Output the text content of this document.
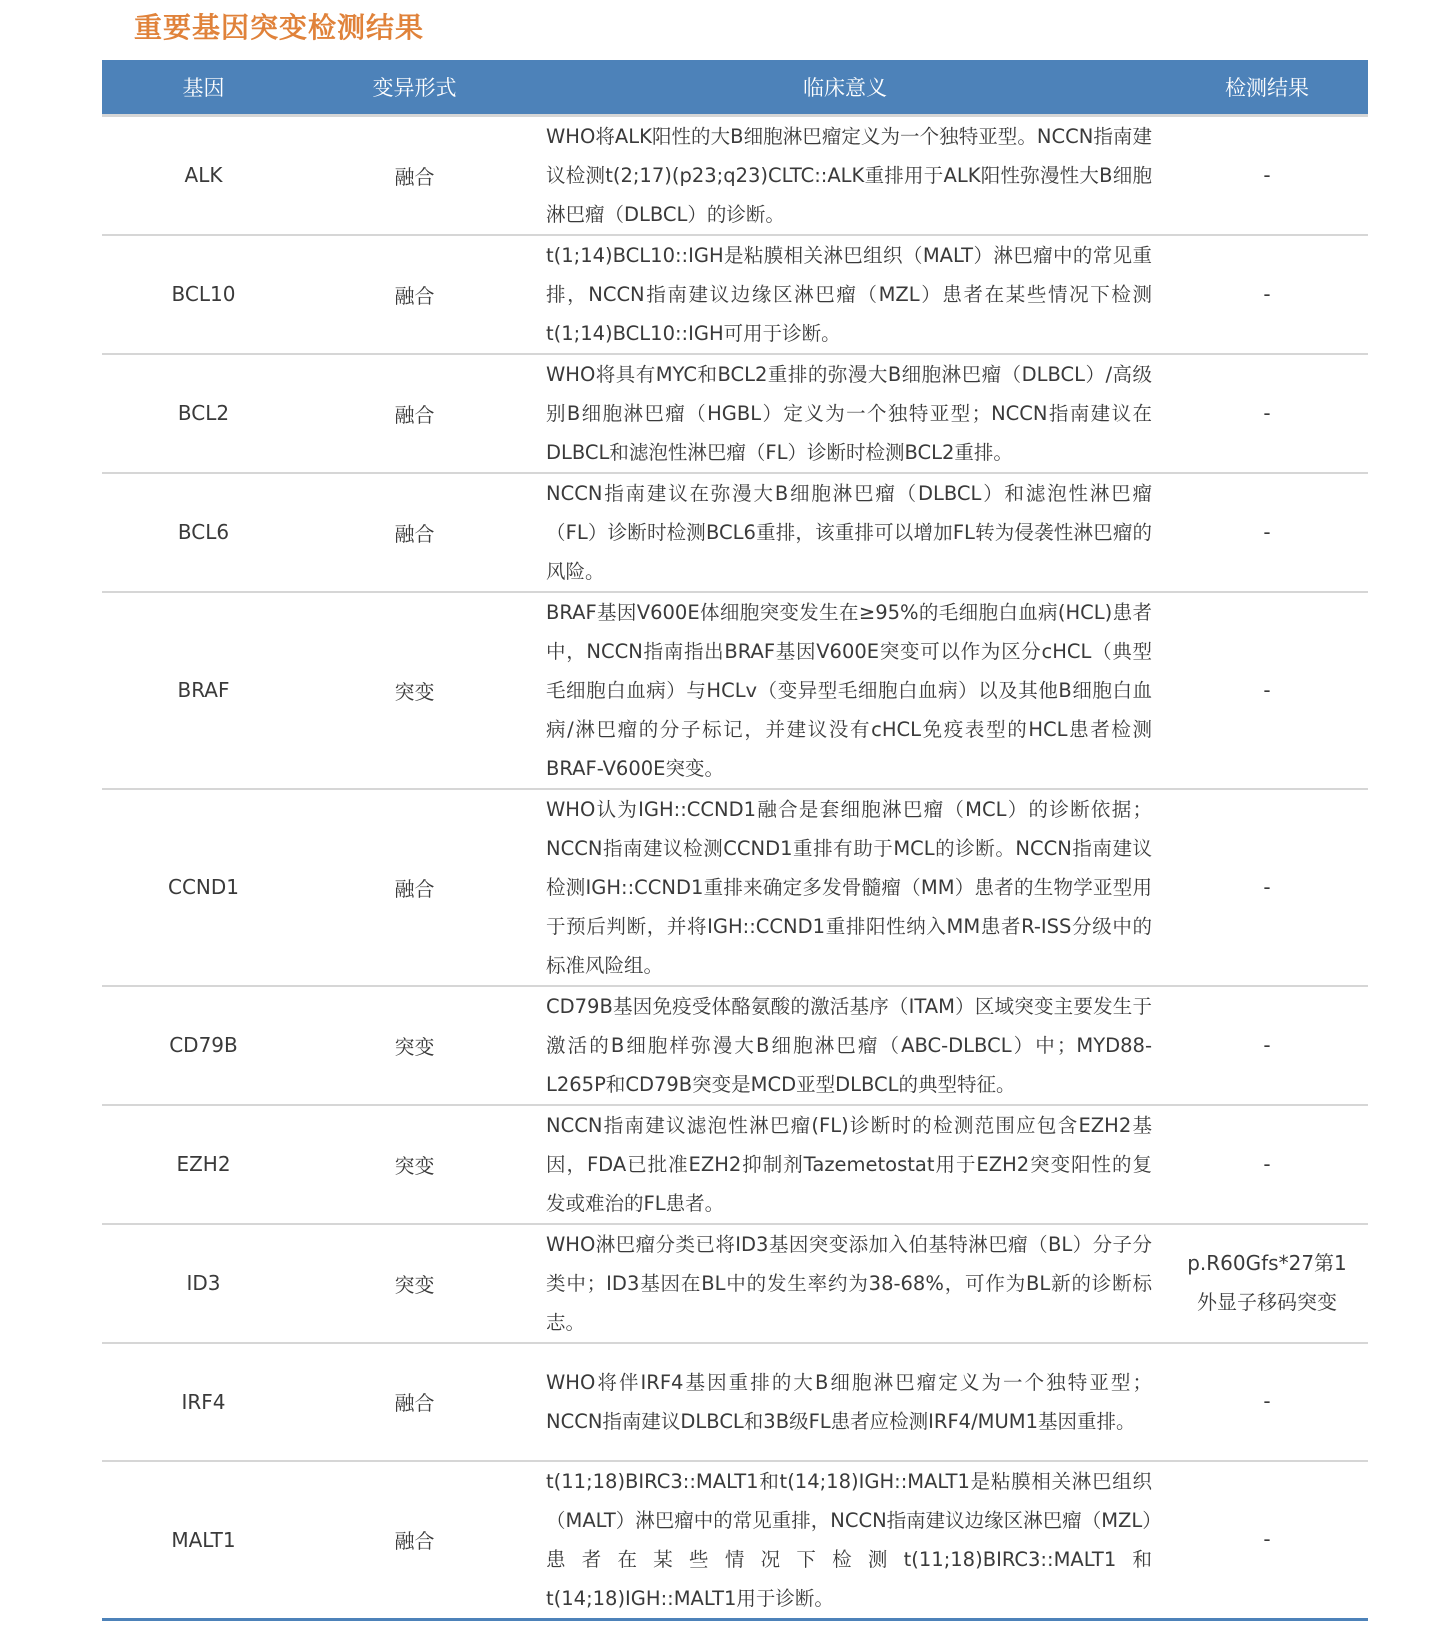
重要基因突变检测结果
基因	变异形式	临床意义	检测结果
ALK	融合	WHO将ALK阳性的大B细胞淋巴瘤定义为一个独特亚型。NCCN指南建议检测t(2;17)(p23;q23)CLTC::ALK重排用于ALK阳性弥漫性大B细胞淋巴瘤（DLBCL）的诊断。	-
BCL10	融合	t(1;14)BCL10::IGH是粘膜相关淋巴组织（MALT）淋巴瘤中的常见重排，NCCN指南建议边缘区淋巴瘤（MZL）患者在某些情况下检测t(1;14)BCL10::IGH可用于诊断。	-
BCL2	融合	WHO将具有MYC和BCL2重排的弥漫大B细胞淋巴瘤（DLBCL）/高级别B细胞淋巴瘤（HGBL）定义为一个独特亚型；NCCN指南建议在DLBCL和滤泡性淋巴瘤（FL）诊断时检测BCL2重排。	-
BCL6	融合	NCCN指南建议在弥漫大B细胞淋巴瘤（DLBCL）和滤泡性淋巴瘤（FL）诊断时检测BCL6重排，该重排可以增加FL转为侵袭性淋巴瘤的风险。	-
BRAF	突变	BRAF基因V600E体细胞突变发生在≥95%的毛细胞白血病(HCL)患者中，NCCN指南指出BRAF基因V600E突变可以作为区分cHCL（典型毛细胞白血病）与HCLv（变异型毛细胞白血病）以及其他B细胞白血病/淋巴瘤的分子标记，并建议没有cHCL免疫表型的HCL患者检测BRAF-V600E突变。	-
CCND1	融合	WHO认为IGH::CCND1融合是套细胞淋巴瘤（MCL）的诊断依据；NCCN指南建议检测CCND1重排有助于MCL的诊断。NCCN指南建议检测IGH::CCND1重排来确定多发骨髓瘤（MM）患者的生物学亚型用于预后判断，并将IGH::CCND1重排阳性纳入MM患者R-ISS分级中的标准风险组。	-
CD79B	突变	CD79B基因免疫受体酪氨酸的激活基序（ITAM）区域突变主要发生于激活的B细胞样弥漫大B细胞淋巴瘤（ABC-DLBCL）中；MYD88-L265P和CD79B突变是MCD亚型DLBCL的典型特征。	-
EZH2	突变	NCCN指南建议滤泡性淋巴瘤(FL)诊断时的检测范围应包含EZH2基因，FDA已批准EZH2抑制剂Tazemetostat用于EZH2突变阳性的复发或难治的FL患者。	-
ID3	突变	WHO淋巴瘤分类已将ID3基因突变添加入伯基特淋巴瘤（BL）分子分类中；ID3基因在BL中的发生率约为38-68%，可作为BL新的诊断标志。	p.R60Gfs*27第1外显子移码突变
IRF4	融合	WHO将伴IRF4基因重排的大B细胞淋巴瘤定义为一个独特亚型；NCCN指南建议DLBCL和3B级FL患者应检测IRF4/MUM1基因重排。	-
MALT1	融合	t(11;18)BIRC3::MALT1和t(14;18)IGH::MALT1是粘膜相关淋巴组织（MALT）淋巴瘤中的常见重排，NCCN指南建议边缘区淋巴瘤（MZL）患者在某些情况下检测t(11;18)BIRC3::MALT1和t(14;18)IGH::MALT1用于诊断。	-
